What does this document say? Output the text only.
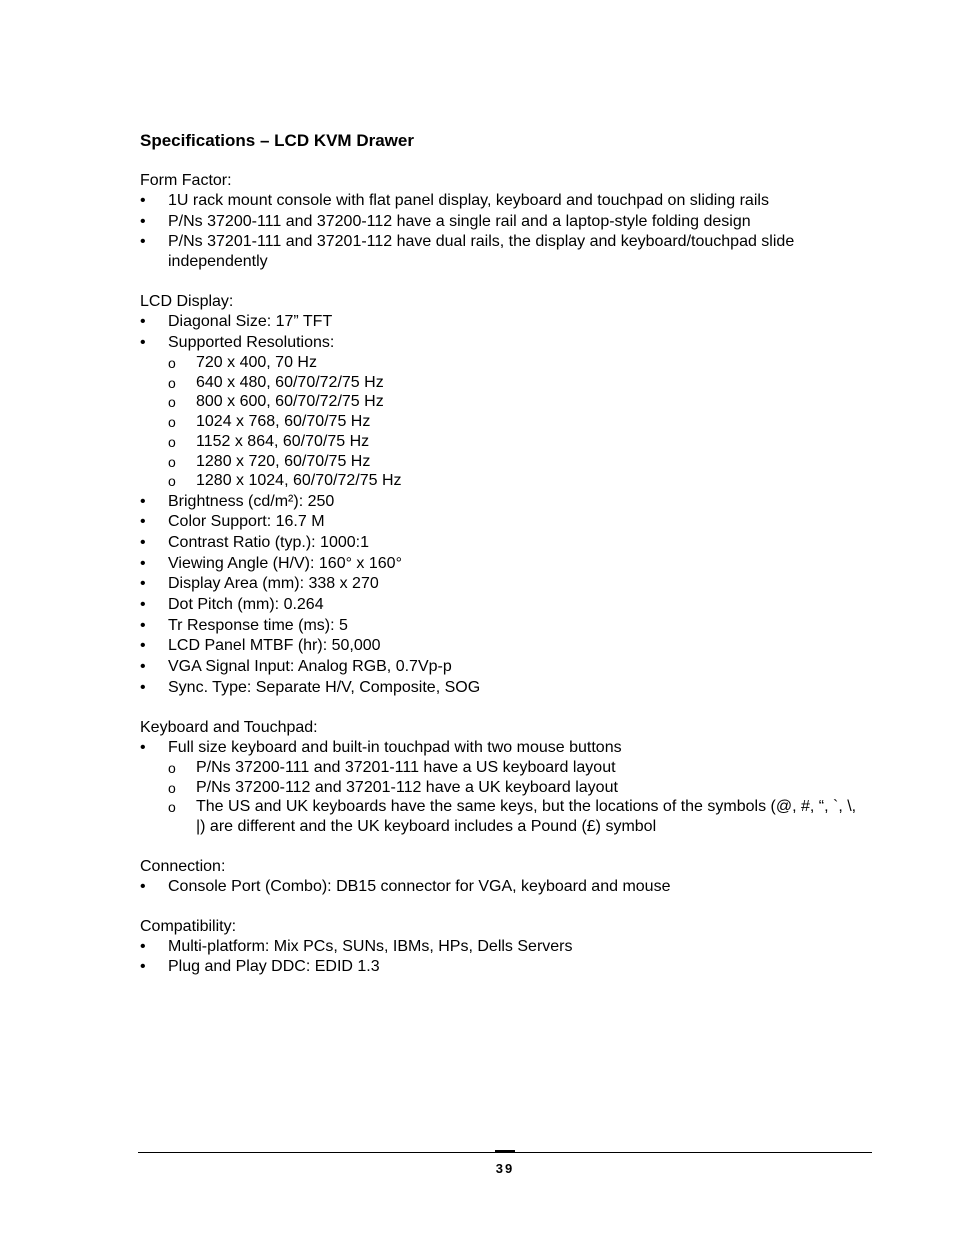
Specifications – LCD KVM Drawer

Form Factor:

• 1U rack mount console with flat panel display, keyboard and touchpad on sliding rails
• P/Ns 37200-111 and 37200-112 have a single rail and a laptop-style folding design
• P/Ns 37201-111 and 37201-112 have dual rails, the display and keyboard/touchpad slide independently

LCD Display:

• Diagonal Size: 17” TFT
• Supported Resolutions:
o 720 x 400, 70 Hz
o 640 x 480, 60/70/72/75 Hz
o 800 x 600, 60/70/72/75 Hz
o 1024 x 768, 60/70/75 Hz
o 1152 x 864, 60/70/75 Hz
o 1280 x 720, 60/70/75 Hz
o 1280 x 1024, 60/70/72/75 Hz
• Brightness (cd/m²): 250
• Color Support: 16.7 M
• Contrast Ratio (typ.): 1000:1
• Viewing Angle (H/V): 160° x 160°
• Display Area (mm): 338 x 270
• Dot Pitch (mm): 0.264
• Tr Response time (ms): 5
• LCD Panel MTBF (hr): 50,000
• VGA Signal Input: Analog RGB, 0.7Vp-p
• Sync. Type: Separate H/V, Composite, SOG

Keyboard and Touchpad:

• Full size keyboard and built-in touchpad with two mouse buttons
o P/Ns 37200-111 and 37201-111 have a US keyboard layout
o P/Ns 37200-112 and 37201-112 have a UK keyboard layout
o The US and UK keyboards have the same keys, but the locations of the symbols (@, #, “, `, \, |) are different and the UK keyboard includes a Pound (£) symbol

Connection:

• Console Port (Combo): DB15 connector for VGA, keyboard and mouse

Compatibility:

• Multi-platform: Mix PCs, SUNs, IBMs, HPs, Dells Servers
• Plug and Play DDC: EDID 1.3
39
